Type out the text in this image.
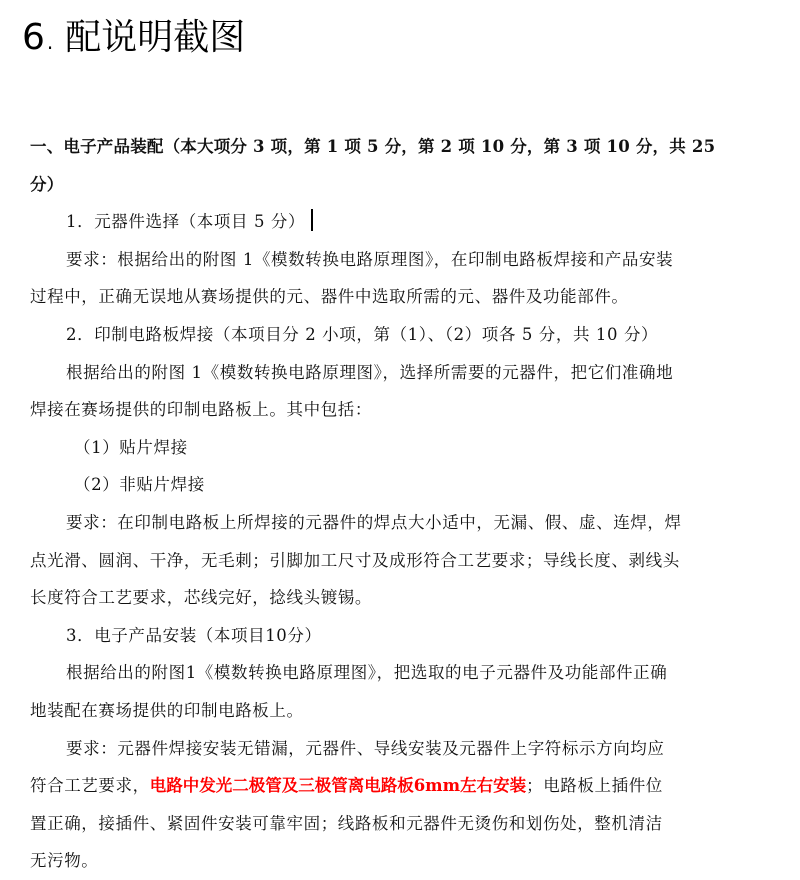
6 . 配说明截图
一、电子产品装配（本大项分 3 项，第 1 项 5 分，第 2 项 10 分，第 3 项 10 分，共 25
分）
1．元器件选择（本项目 5 分）
要求：根据给出的附图 1《模数转换电路原理图》，在印制电路板焊接和产品安装
过程中，正确无误地从赛场提供的元、器件中选取所需的元、器件及功能部件。
2．印制电路板焊接（本项目分 2 小项，第（1）、（2）项各 5 分，共 10 分）
根据给出的附图 1《模数转换电路原理图》，选择所需要的元器件，把它们准确地
焊接在赛场提供的印制电路板上。其中包括：
（1）贴片焊接
（2）非贴片焊接
要求：在印制电路板上所焊接的元器件的焊点大小适中，无漏、假、虚、连焊，焊
点光滑、圆润、干净，无毛刺；引脚加工尺寸及成形符合工艺要求；导线长度、剥线头
长度符合工艺要求，芯线完好，捻线头镀锡。
3．电子产品安装（本项目10分）
根据给出的附图1《模数转换电路原理图》，把选取的电子元器件及功能部件正确
地装配在赛场提供的印制电路板上。
要求：元器件焊接安装无错漏，元器件、导线安装及元器件上字符标示方向均应
符合工艺要求，电路中发光二极管及三极管离电路板6mm左右安装；电路板上插件位
置正确，接插件、紧固件安装可靠牢固；线路板和元器件无烫伤和划伤处，整机清洁
无污物。
